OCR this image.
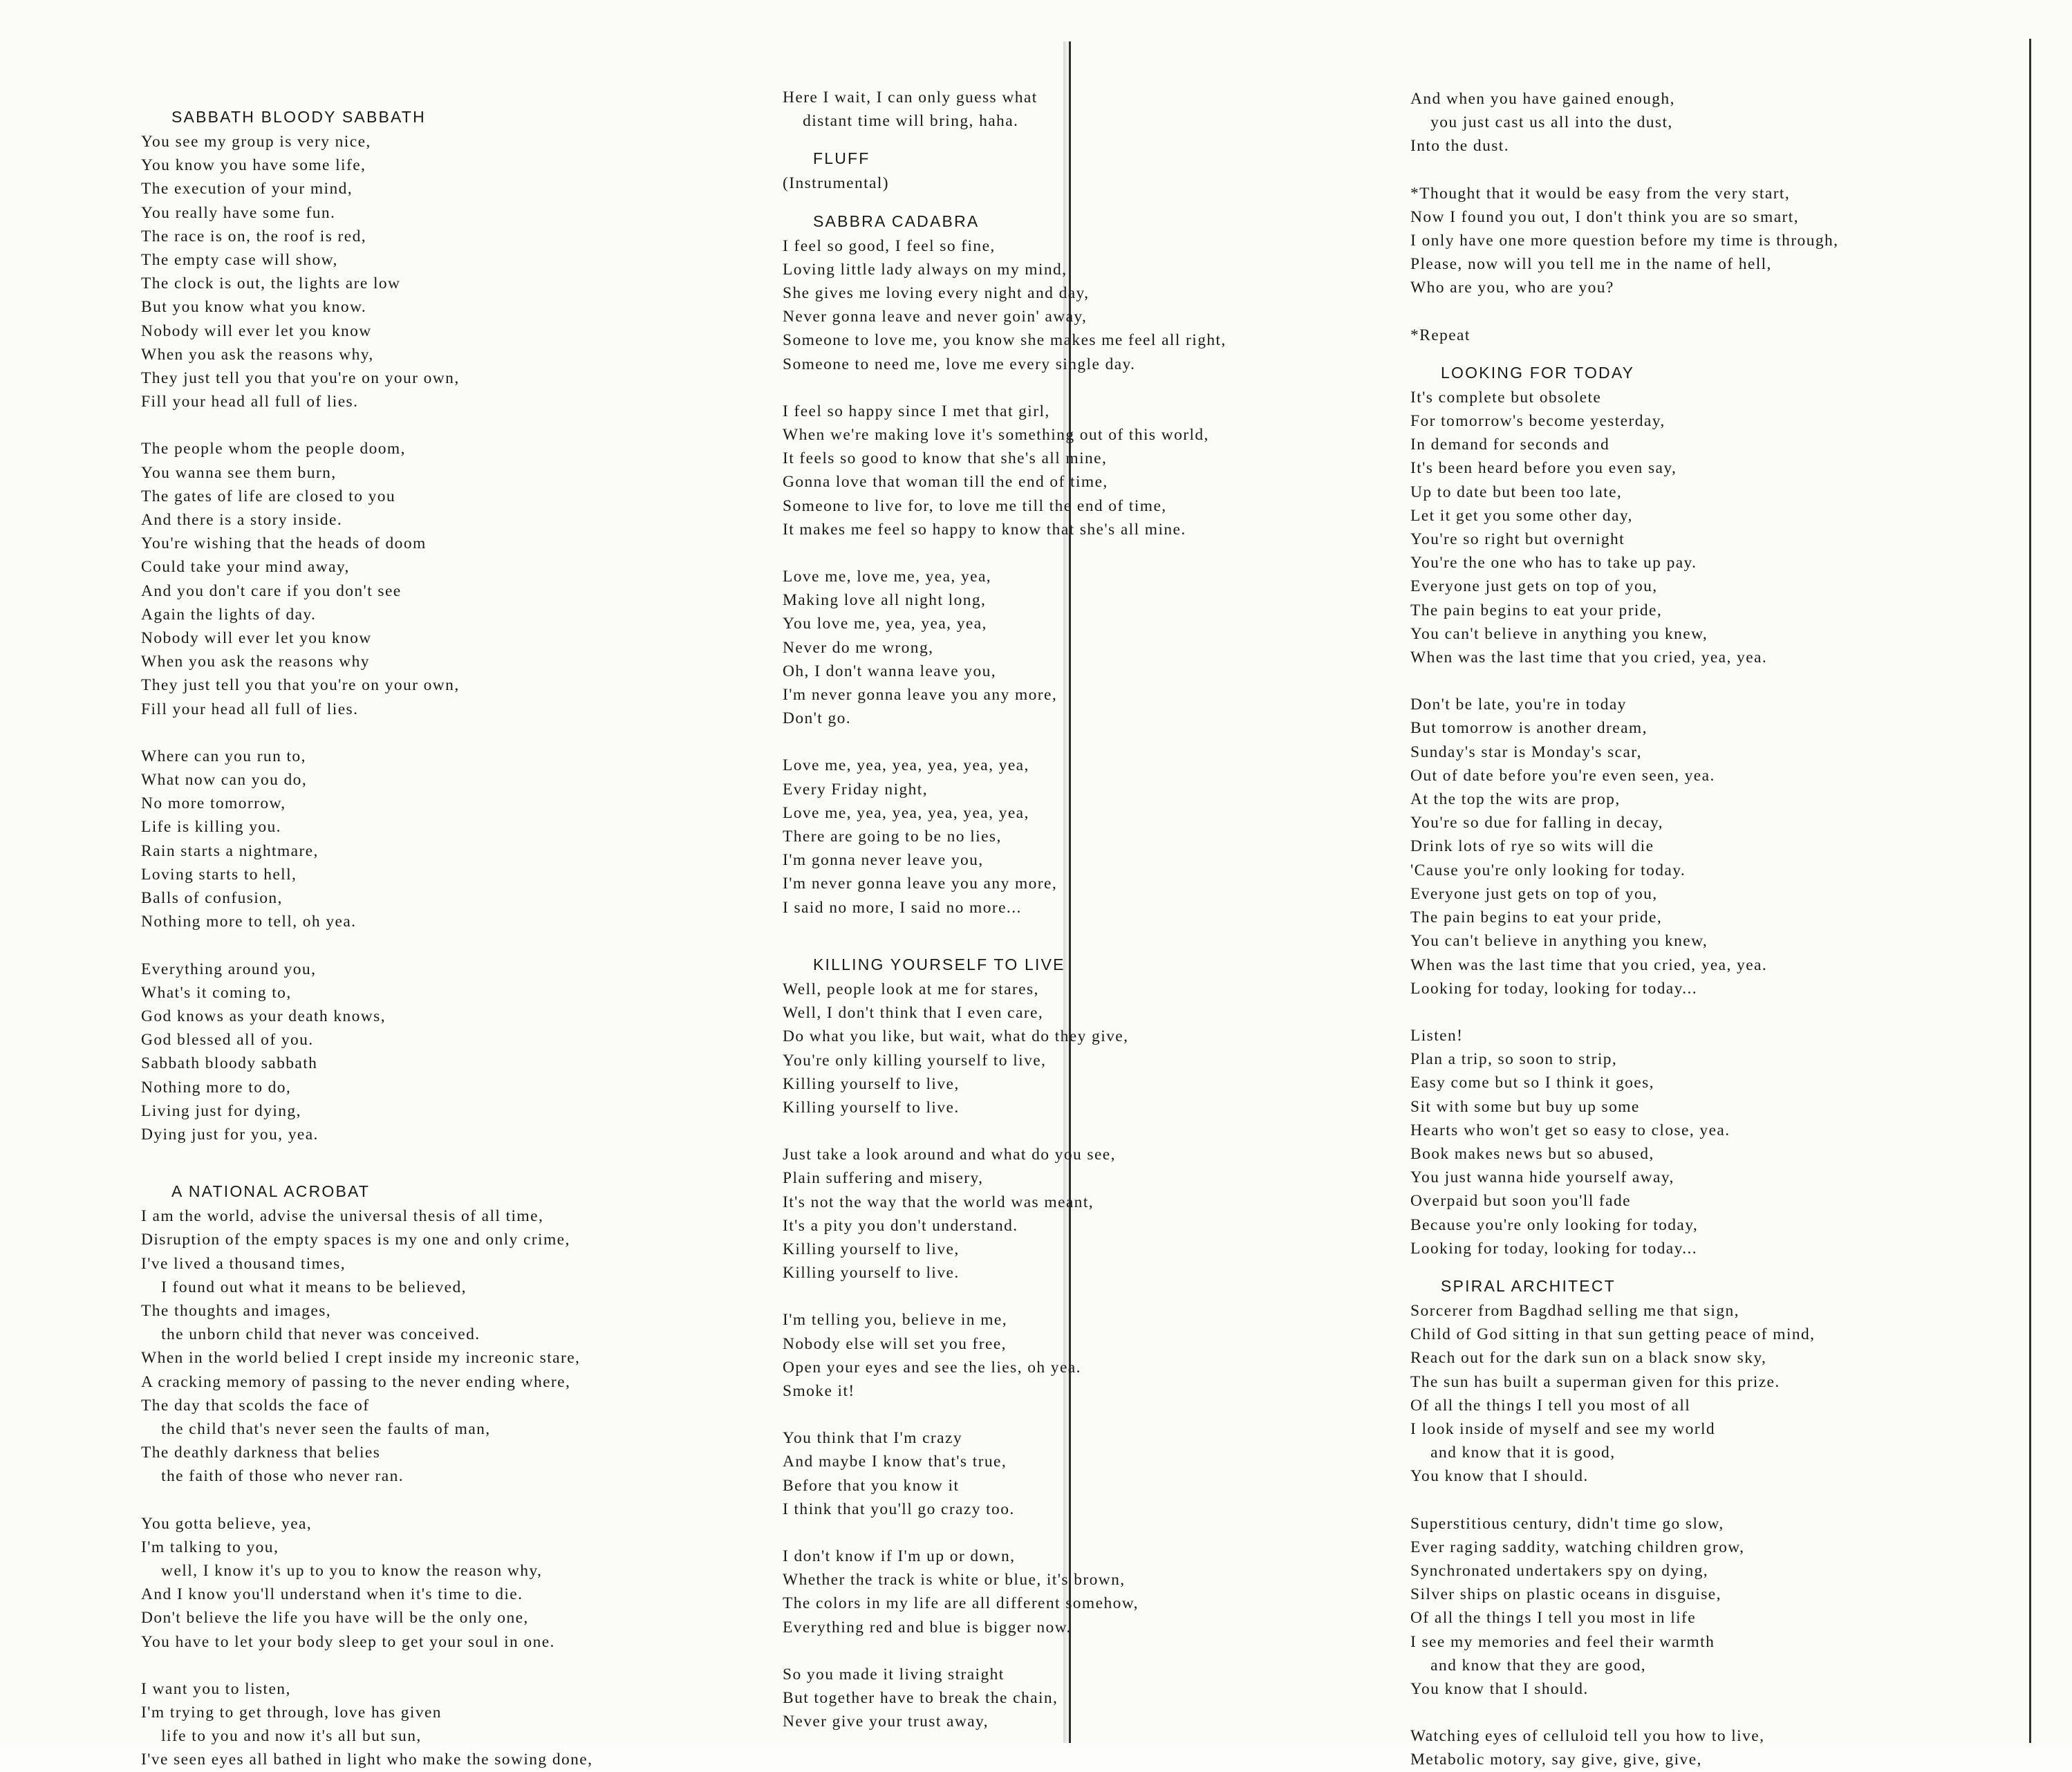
SABBATH BLOODY SABBATH
You see my group is very nice,
You know you have some life,
The execution of your mind,
You really have some fun.
The race is on, the roof is red,
The empty case will show,
The clock is out, the lights are low
But you know what you know.
Nobody will ever let you know
When you ask the reasons why,
They just tell you that you're on your own,
Fill your head all full of lies.
The people whom the people doom,
You wanna see them burn,
The gates of life are closed to you
And there is a story inside.
You're wishing that the heads of doom
Could take your mind away,
And you don't care if you don't see
Again the lights of day.
Nobody will ever let you know
When you ask the reasons why
They just tell you that you're on your own,
Fill your head all full of lies.
Where can you run to,
What now can you do,
No more tomorrow,
Life is killing you.
Rain starts a nightmare,
Loving starts to hell,
Balls of confusion,
Nothing more to tell, oh yea.
Everything around you,
What's it coming to,
God knows as your death knows,
God blessed all of you.
Sabbath bloody sabbath
Nothing more to do,
Living just for dying,
Dying just for you, yea.
A NATIONAL ACROBAT
I am the world, advise the universal thesis of all time,
Disruption of the empty spaces is my one and only crime,
I've lived a thousand times,
I found out what it means to be believed,
The thoughts and images,
the unborn child that never was conceived.
When in the world belied I crept inside my increonic stare,
A cracking memory of passing to the never ending where,
The day that scolds the face of
the child that's never seen the faults of man,
The deathly darkness that belies
the faith of those who never ran.
You gotta believe, yea,
I'm talking to you,
well, I know it's up to you to know the reason why,
And I know you'll understand when it's time to die.
Don't believe the life you have will be the only one,
You have to let your body sleep to get your soul in one.
I want you to listen,
I'm trying to get through, love has given
life to you and now it's all but sun,
I've seen eyes all bathed in light who make the sowing done,
Here I wait, I can only guess what
distant time will bring, haha.
FLUFF
(Instrumental)
SABBRA CADABRA
I feel so good, I feel so fine,
Loving little lady always on my mind,
She gives me loving every night and day,
Never gonna leave and never goin' away,
Someone to love me, you know she makes me feel all right,
Someone to need me, love me every single day.
I feel so happy since I met that girl,
When we're making love it's something out of this world,
It feels so good to know that she's all mine,
Gonna love that woman till the end of time,
Someone to live for, to love me till the end of time,
It makes me feel so happy to know that she's all mine.
Love me, love me, yea, yea,
Making love all night long,
You love me, yea, yea, yea,
Never do me wrong,
Oh, I don't wanna leave you,
I'm never gonna leave you any more,
Don't go.
Love me, yea, yea, yea, yea, yea,
Every Friday night,
Love me, yea, yea, yea, yea, yea,
There are going to be no lies,
I'm gonna never leave you,
I'm never gonna leave you any more,
I said no more, I said no more...
KILLING YOURSELF TO LIVE
Well, people look at me for stares,
Well, I don't think that I even care,
Do what you like, but wait, what do they give,
You're only killing yourself to live,
Killing yourself to live,
Killing yourself to live.
Just take a look around and what do you see,
Plain suffering and misery,
It's not the way that the world was meant,
It's a pity you don't understand.
Killing yourself to live,
Killing yourself to live.
I'm telling you, believe in me,
Nobody else will set you free,
Open your eyes and see the lies, oh yea.
Smoke it!
You think that I'm crazy
And maybe I know that's true,
Before that you know it
I think that you'll go crazy too.
I don't know if I'm up or down,
Whether the track is white or blue, it's brown,
The colors in my life are all different somehow,
Everything red and blue is bigger now.
So you made it living straight
But together have to break the chain,
Never give your trust away,
And when you have gained enough,
you just cast us all into the dust,
Into the dust.
*Thought that it would be easy from the very start,
Now I found you out, I don't think you are so smart,
I only have one more question before my time is through,
Please, now will you tell me in the name of hell,
Who are you, who are you?
*Repeat
LOOKING FOR TODAY
It's complete but obsolete
For tomorrow's become yesterday,
In demand for seconds and
It's been heard before you even say,
Up to date but been too late,
Let it get you some other day,
You're so right but overnight
You're the one who has to take up pay.
Everyone just gets on top of you,
The pain begins to eat your pride,
You can't believe in anything you knew,
When was the last time that you cried, yea, yea.
Don't be late, you're in today
But tomorrow is another dream,
Sunday's star is Monday's scar,
Out of date before you're even seen, yea.
At the top the wits are prop,
You're so due for falling in decay,
Drink lots of rye so wits will die
'Cause you're only looking for today.
Everyone just gets on top of you,
The pain begins to eat your pride,
You can't believe in anything you knew,
When was the last time that you cried, yea, yea.
Looking for today, looking for today...
Listen!
Plan a trip, so soon to strip,
Easy come but so I think it goes,
Sit with some but buy up some
Hearts who won't get so easy to close, yea.
Book makes news but so abused,
You just wanna hide yourself away,
Overpaid but soon you'll fade
Because you're only looking for today,
Looking for today, looking for today...
SPIRAL ARCHITECT
Sorcerer from Bagdhad selling me that sign,
Child of God sitting in that sun getting peace of mind,
Reach out for the dark sun on a black snow sky,
The sun has built a superman given for this prize.
Of all the things I tell you most of all
I look inside of myself and see my world
and know that it is good,
You know that I should.
Superstitious century, didn't time go slow,
Ever raging saddity, watching children grow,
Synchronated undertakers spy on dying,
Silver ships on plastic oceans in disguise,
Of all the things I tell you most in life
I see my memories and feel their warmth
and know that they are good,
You know that I should.
Watching eyes of celluloid tell you how to live,
Metabolic motory, say give, give, give,
